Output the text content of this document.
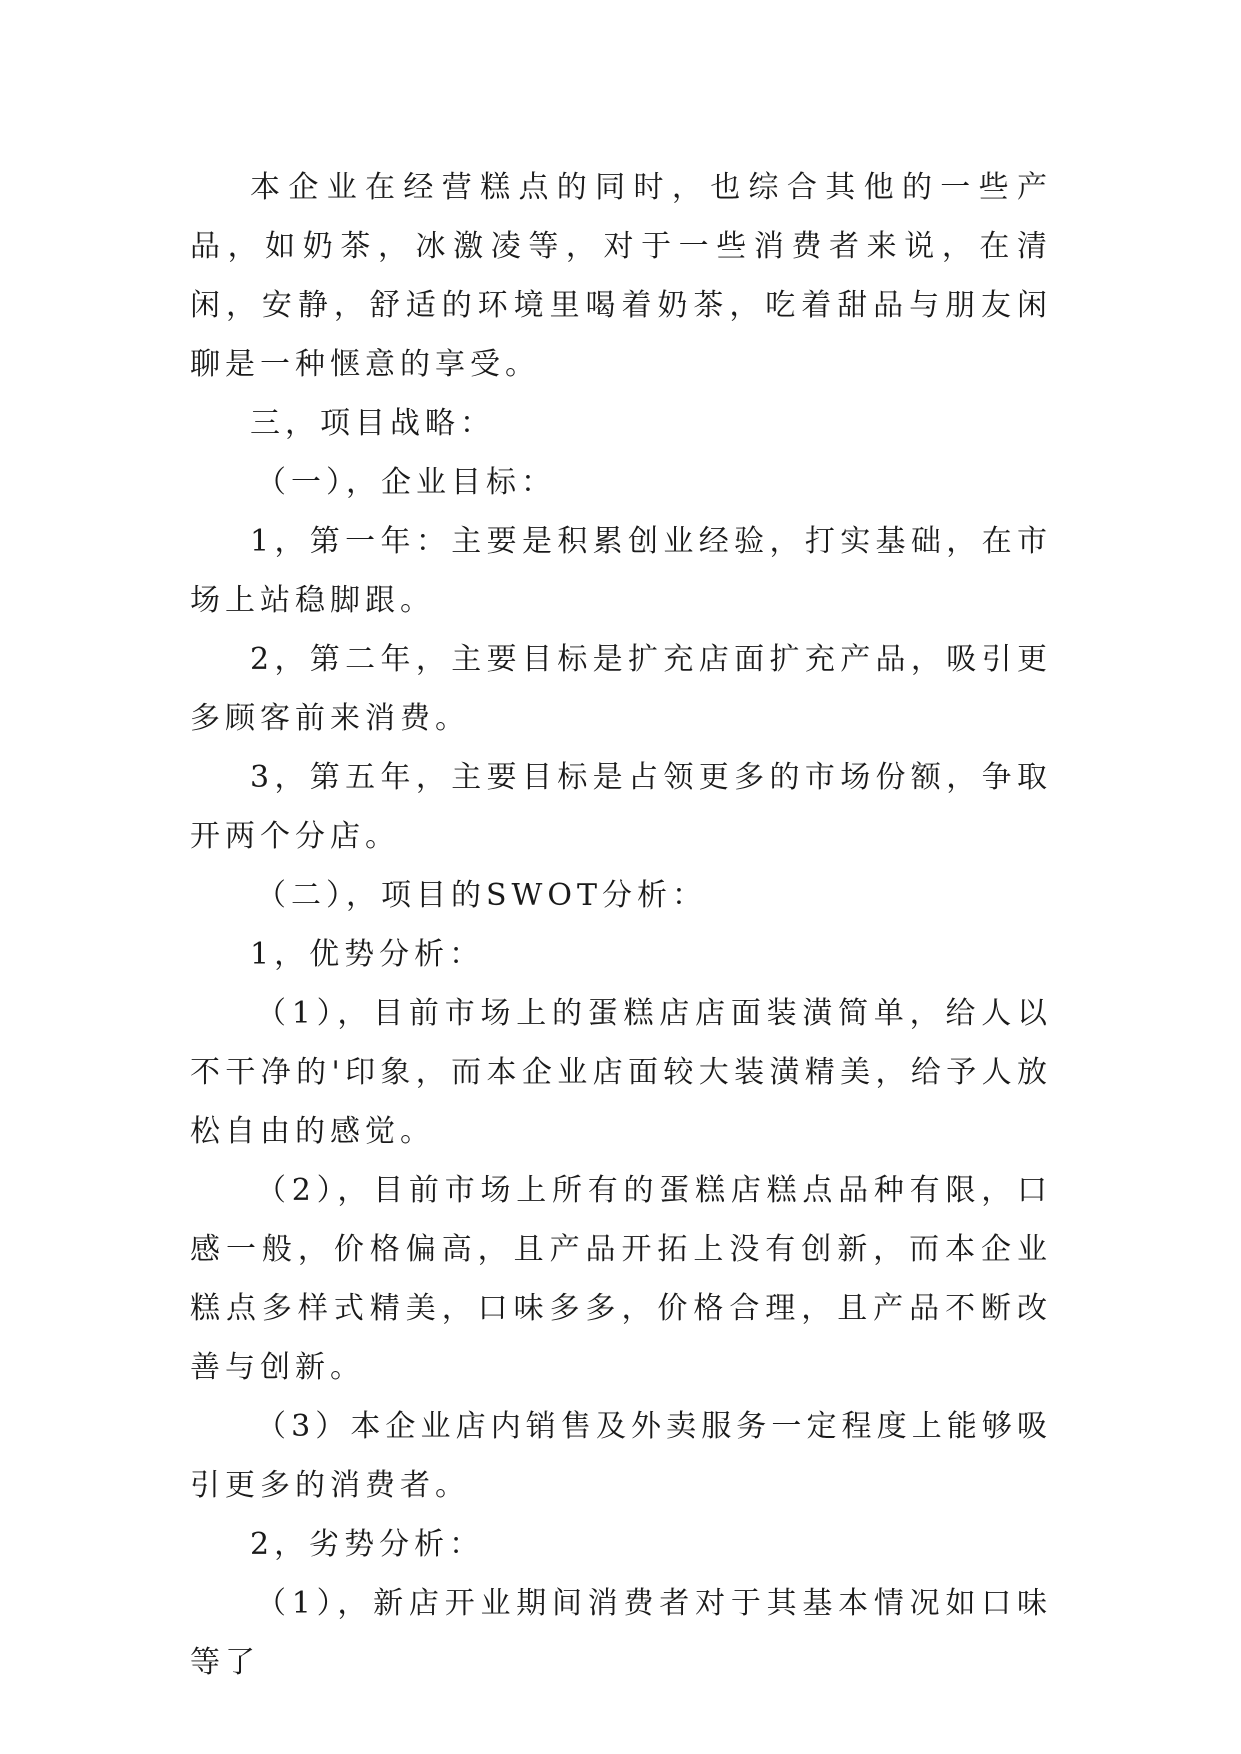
本企业在经营糕点的同时，也综合其他的一些产品，如奶茶，冰激凌等，对于一些消费者来说，在清闲，安静，舒适的环境里喝着奶茶，吃着甜品与朋友闲聊是一种惬意的享受。

三，项目战略：

（一），企业目标：

1，第一年：主要是积累创业经验，打实基础，在市场上站稳脚跟。

2，第二年，主要目标是扩充店面扩充产品，吸引更多顾客前来消费。

3，第五年，主要目标是占领更多的市场份额，争取开两个分店。

（二），项目的SWOT分析：

1，优势分析：

（1），目前市场上的蛋糕店店面装潢简单，给人以不干净的'印象，而本企业店面较大装潢精美，给予人放松自由的感觉。

（2），目前市场上所有的蛋糕店糕点品种有限，口感一般，价格偏高，且产品开拓上没有创新，而本企业糕点多样式精美，口味多多，价格合理，且产品不断改善与创新。

（3）本企业店内销售及外卖服务一定程度上能够吸引更多的消费者。

2，劣势分析：

（1），新店开业期间消费者对于其基本情况如口味等了
